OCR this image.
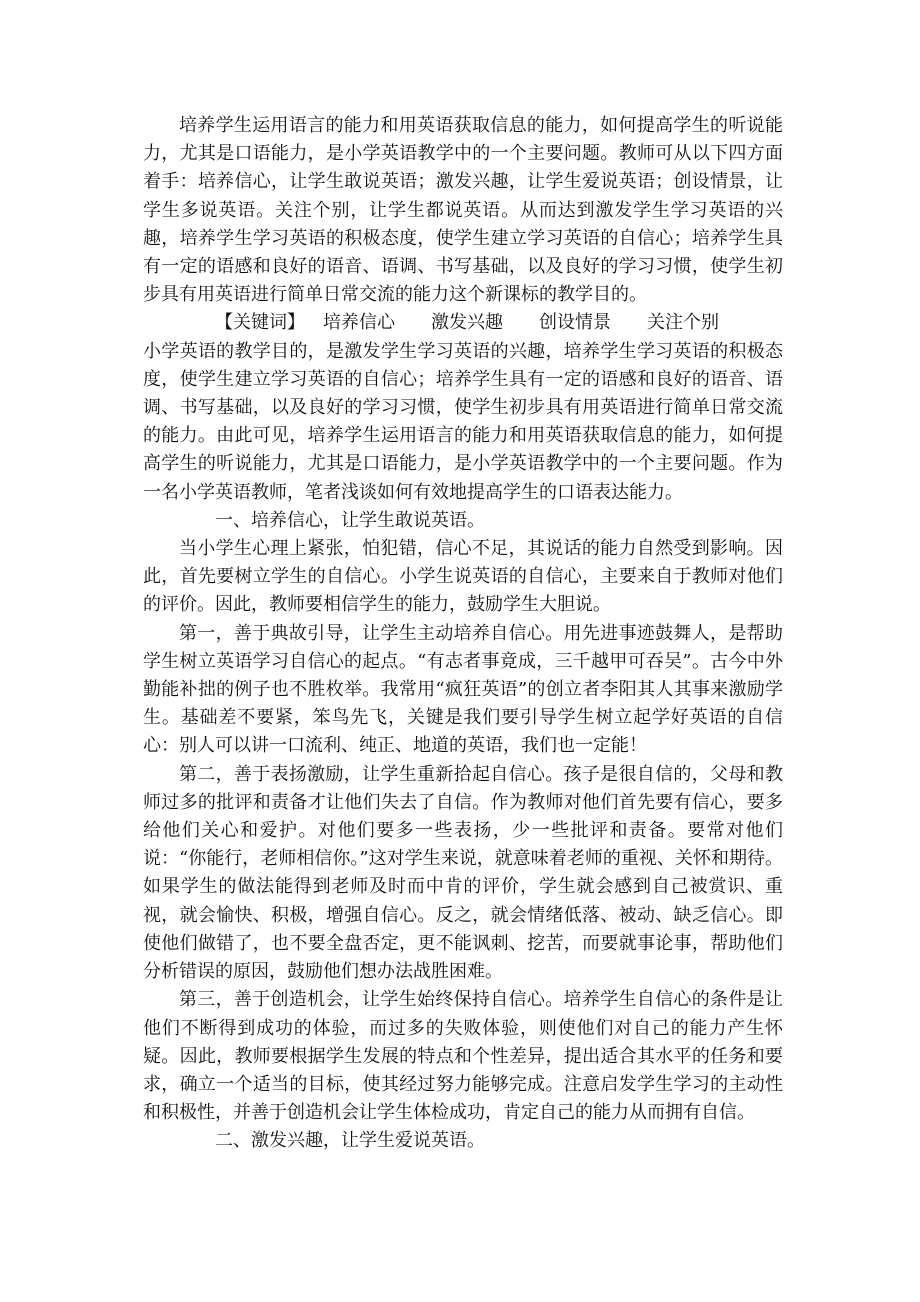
培养学生运用语言的能力和用英语获取信息的能力，如何提高学生的听说能力，尤其是口语能力，是小学英语教学中的一个主要问题。教师可从以下四方面着手：培养信心，让学生敢说英语；激发兴趣，让学生爱说英语；创设情景，让学生多说英语。关注个别，让学生都说英语。从而达到激发学生学习英语的兴趣，培养学生学习英语的积极态度，使学生建立学习英语的自信心；培养学生具有一定的语感和良好的语音、语调、书写基础，以及良好的学习习惯，使学生初步具有用英语进行简单日常交流的能力这个新课标的教学目的。

【关键词】 培养信心 激发兴趣 创设情景 关注个别

小学英语的教学目的，是激发学生学习英语的兴趣，培养学生学习英语的积极态度，使学生建立学习英语的自信心；培养学生具有一定的语感和良好的语音、语调、书写基础，以及良好的学习习惯，使学生初步具有用英语进行简单日常交流的能力。由此可见，培养学生运用语言的能力和用英语获取信息的能力，如何提高学生的听说能力，尤其是口语能力，是小学英语教学中的一个主要问题。作为一名小学英语教师，笔者浅谈如何有效地提高学生的口语表达能力。

一、培养信心，让学生敢说英语。

当小学生心理上紧张，怕犯错，信心不足，其说话的能力自然受到影响。因此，首先要树立学生的自信心。小学生说英语的自信心，主要来自于教师对他们的评价。因此，教师要相信学生的能力，鼓励学生大胆说。

第一，善于典故引导，让学生主动培养自信心。用先进事迹鼓舞人，是帮助学生树立英语学习自信心的起点。“有志者事竟成，三千越甲可吞吴”。古今中外勤能补拙的例子也不胜枚举。我常用“疯狂英语”的创立者李阳其人其事来激励学生。基础差不要紧，笨鸟先飞，关键是我们要引导学生树立起学好英语的自信心：别人可以讲一口流利、纯正、地道的英语，我们也一定能！

第二，善于表扬激励，让学生重新拾起自信心。孩子是很自信的，父母和教师过多的批评和责备才让他们失去了自信。作为教师对他们首先要有信心，要多给他们关心和爱护。对他们要多一些表扬，少一些批评和责备。要常对他们说：“你能行，老师相信你。”这对学生来说，就意味着老师的重视、关怀和期待。如果学生的做法能得到老师及时而中肯的评价，学生就会感到自己被赏识、重视，就会愉快、积极，增强自信心。反之，就会情绪低落、被动、缺乏信心。即使他们做错了，也不要全盘否定，更不能讽刺、挖苦，而要就事论事，帮助他们分析错误的原因，鼓励他们想办法战胜困难。

第三，善于创造机会，让学生始终保持自信心。培养学生自信心的条件是让他们不断得到成功的体验，而过多的失败体验，则使他们对自己的能力产生怀疑。因此，教师要根据学生发展的特点和个性差异，提出适合其水平的任务和要求，确立一个适当的目标，使其经过努力能够完成。注意启发学生学习的主动性和积极性，并善于创造机会让学生体检成功，肯定自己的能力从而拥有自信。

二、激发兴趣，让学生爱说英语。
